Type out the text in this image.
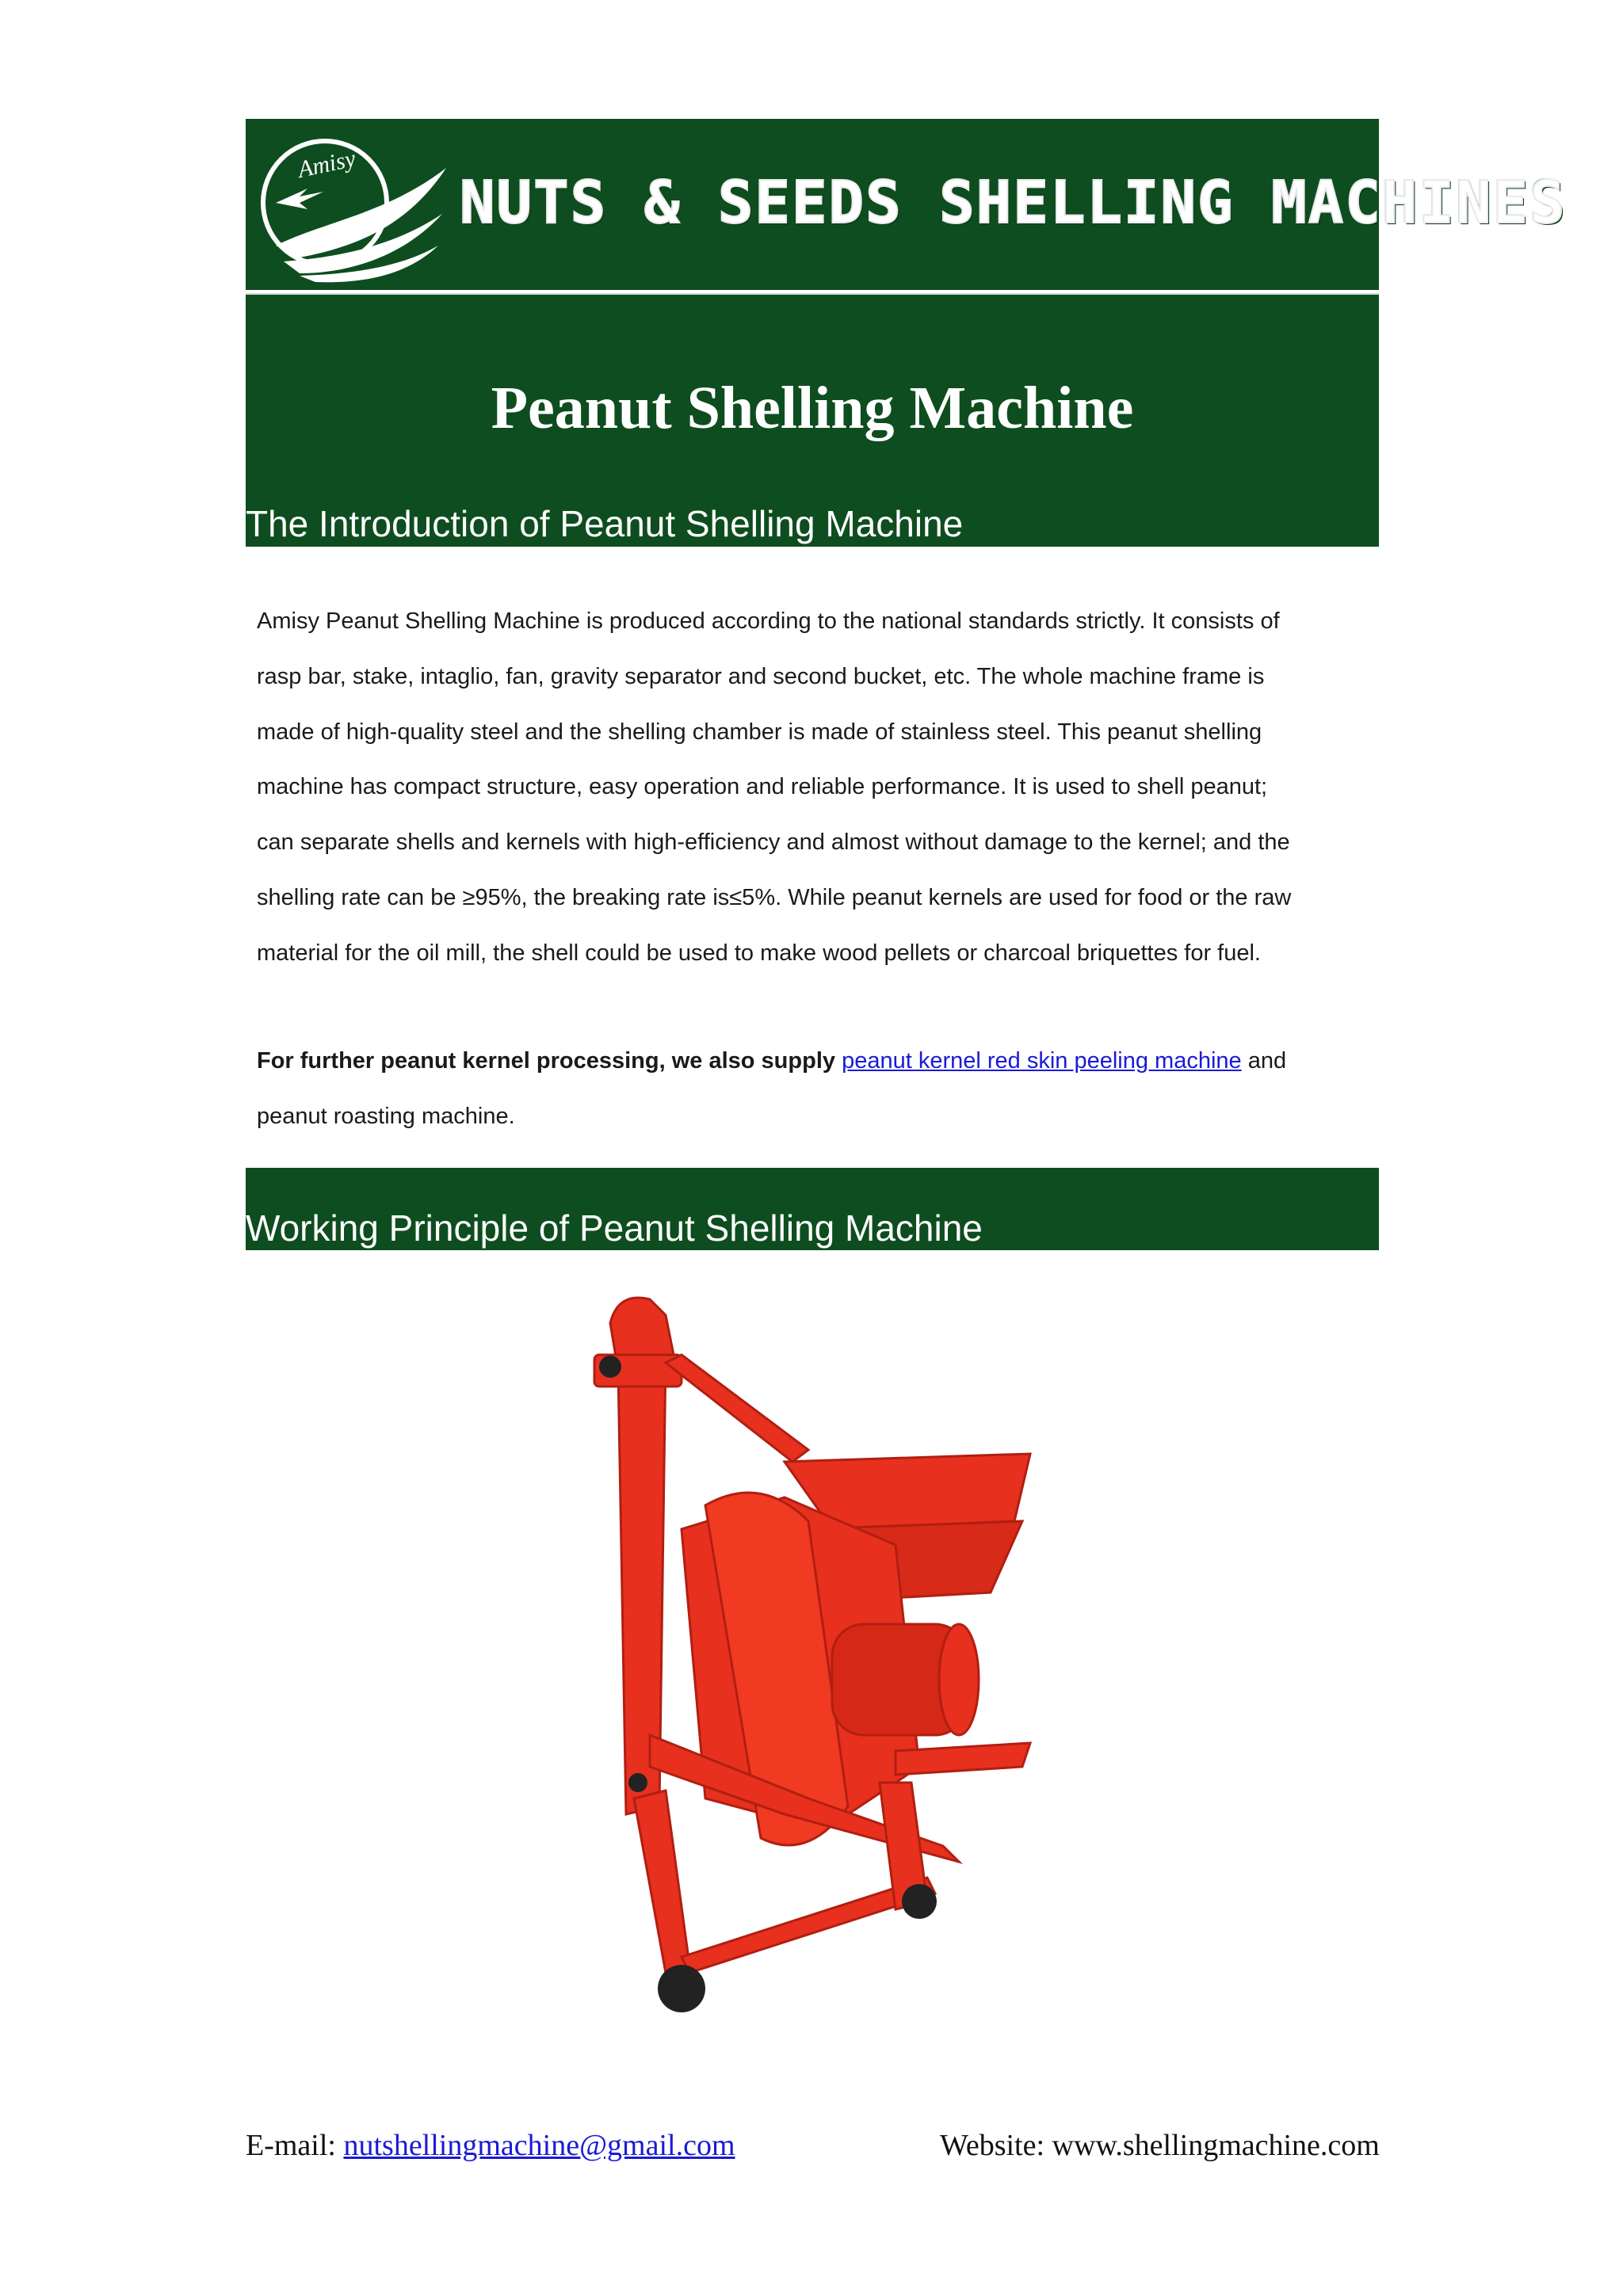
Amisy
NUTS & SEEDS SHELLING MACHINES
Peanut Shelling Machine
The Introduction of Peanut Shelling Machine
Amisy Peanut Shelling Machine is produced according to the national standards strictly. It consists of
rasp bar, stake, intaglio, fan, gravity separator and second bucket, etc. The whole machine frame is
made of high-quality steel and the shelling chamber is made of stainless steel. This peanut shelling
machine has compact structure, easy operation and reliable performance. It is used to shell peanut;
can separate shells and kernels with high-efficiency and almost without damage to the kernel; and the
shelling rate can be ≥95%, the breaking rate is≤5%. While peanut kernels are used for food or the raw
material for the oil mill, the shell could be used to make wood pellets or charcoal briquettes for fuel.
For further peanut kernel processing, we also supply peanut kernel red skin peeling machine and
peanut roasting machine.
Working Principle of Peanut Shelling Machine
E-mail: nutshellingmachine@gmail.com	Website: www.shellingmachine.com
